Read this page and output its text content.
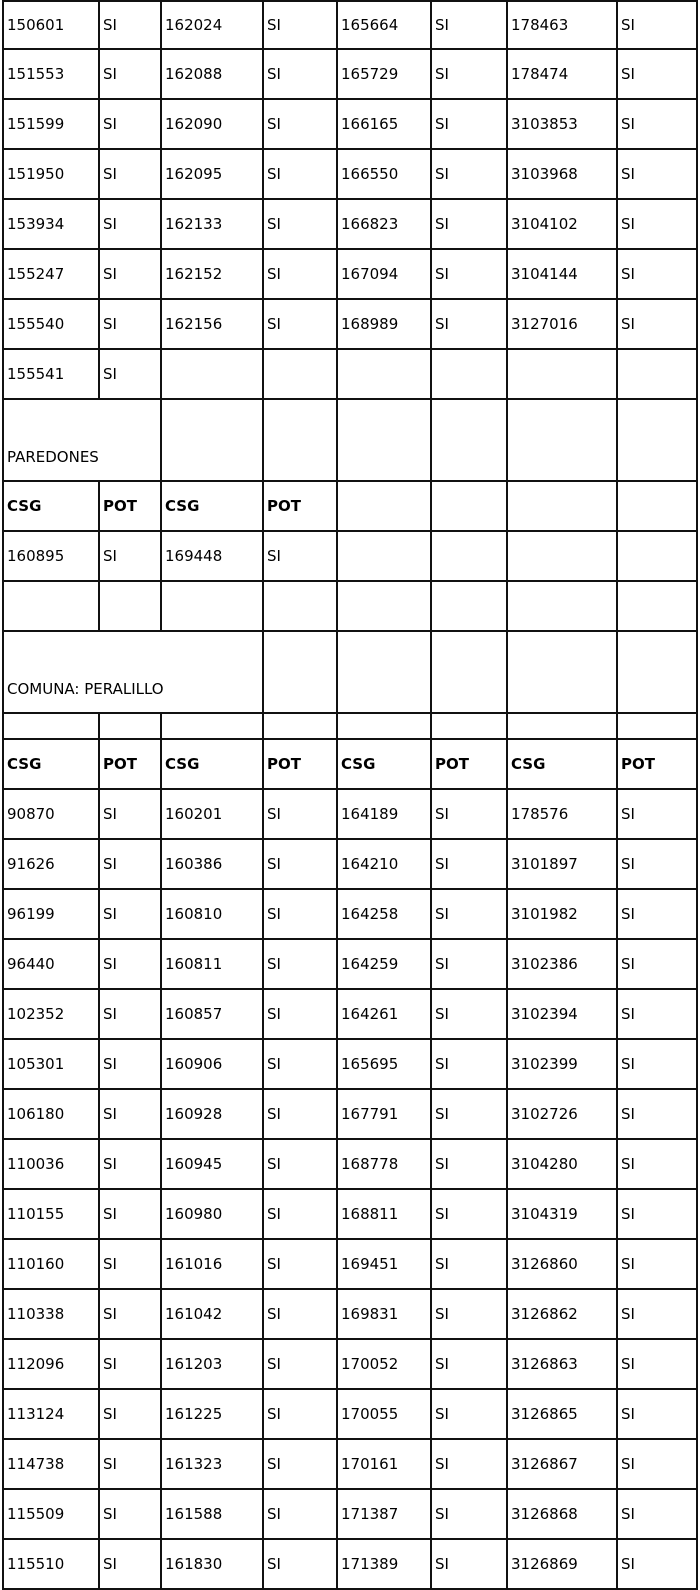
150601	SI	162024	SI	165664	SI	178463	SI
151553	SI	162088	SI	165729	SI	178474	SI
151599	SI	162090	SI	166165	SI	3103853	SI
151950	SI	162095	SI	166550	SI	3103968	SI
153934	SI	162133	SI	166823	SI	3104102	SI
155247	SI	162152	SI	167094	SI	3104144	SI
155540	SI	162156	SI	168989	SI	3127016	SI
155541	SI
PAREDONES
CSG	POT	CSG	POT
160895	SI	169448	SI
COMUNA: PERALILLO
CSG	POT	CSG	POT	CSG	POT	CSG	POT
90870	SI	160201	SI	164189	SI	178576	SI
91626	SI	160386	SI	164210	SI	3101897	SI
96199	SI	160810	SI	164258	SI	3101982	SI
96440	SI	160811	SI	164259	SI	3102386	SI
102352	SI	160857	SI	164261	SI	3102394	SI
105301	SI	160906	SI	165695	SI	3102399	SI
106180	SI	160928	SI	167791	SI	3102726	SI
110036	SI	160945	SI	168778	SI	3104280	SI
110155	SI	160980	SI	168811	SI	3104319	SI
110160	SI	161016	SI	169451	SI	3126860	SI
110338	SI	161042	SI	169831	SI	3126862	SI
112096	SI	161203	SI	170052	SI	3126863	SI
113124	SI	161225	SI	170055	SI	3126865	SI
114738	SI	161323	SI	170161	SI	3126867	SI
115509	SI	161588	SI	171387	SI	3126868	SI
115510	SI	161830	SI	171389	SI	3126869	SI
